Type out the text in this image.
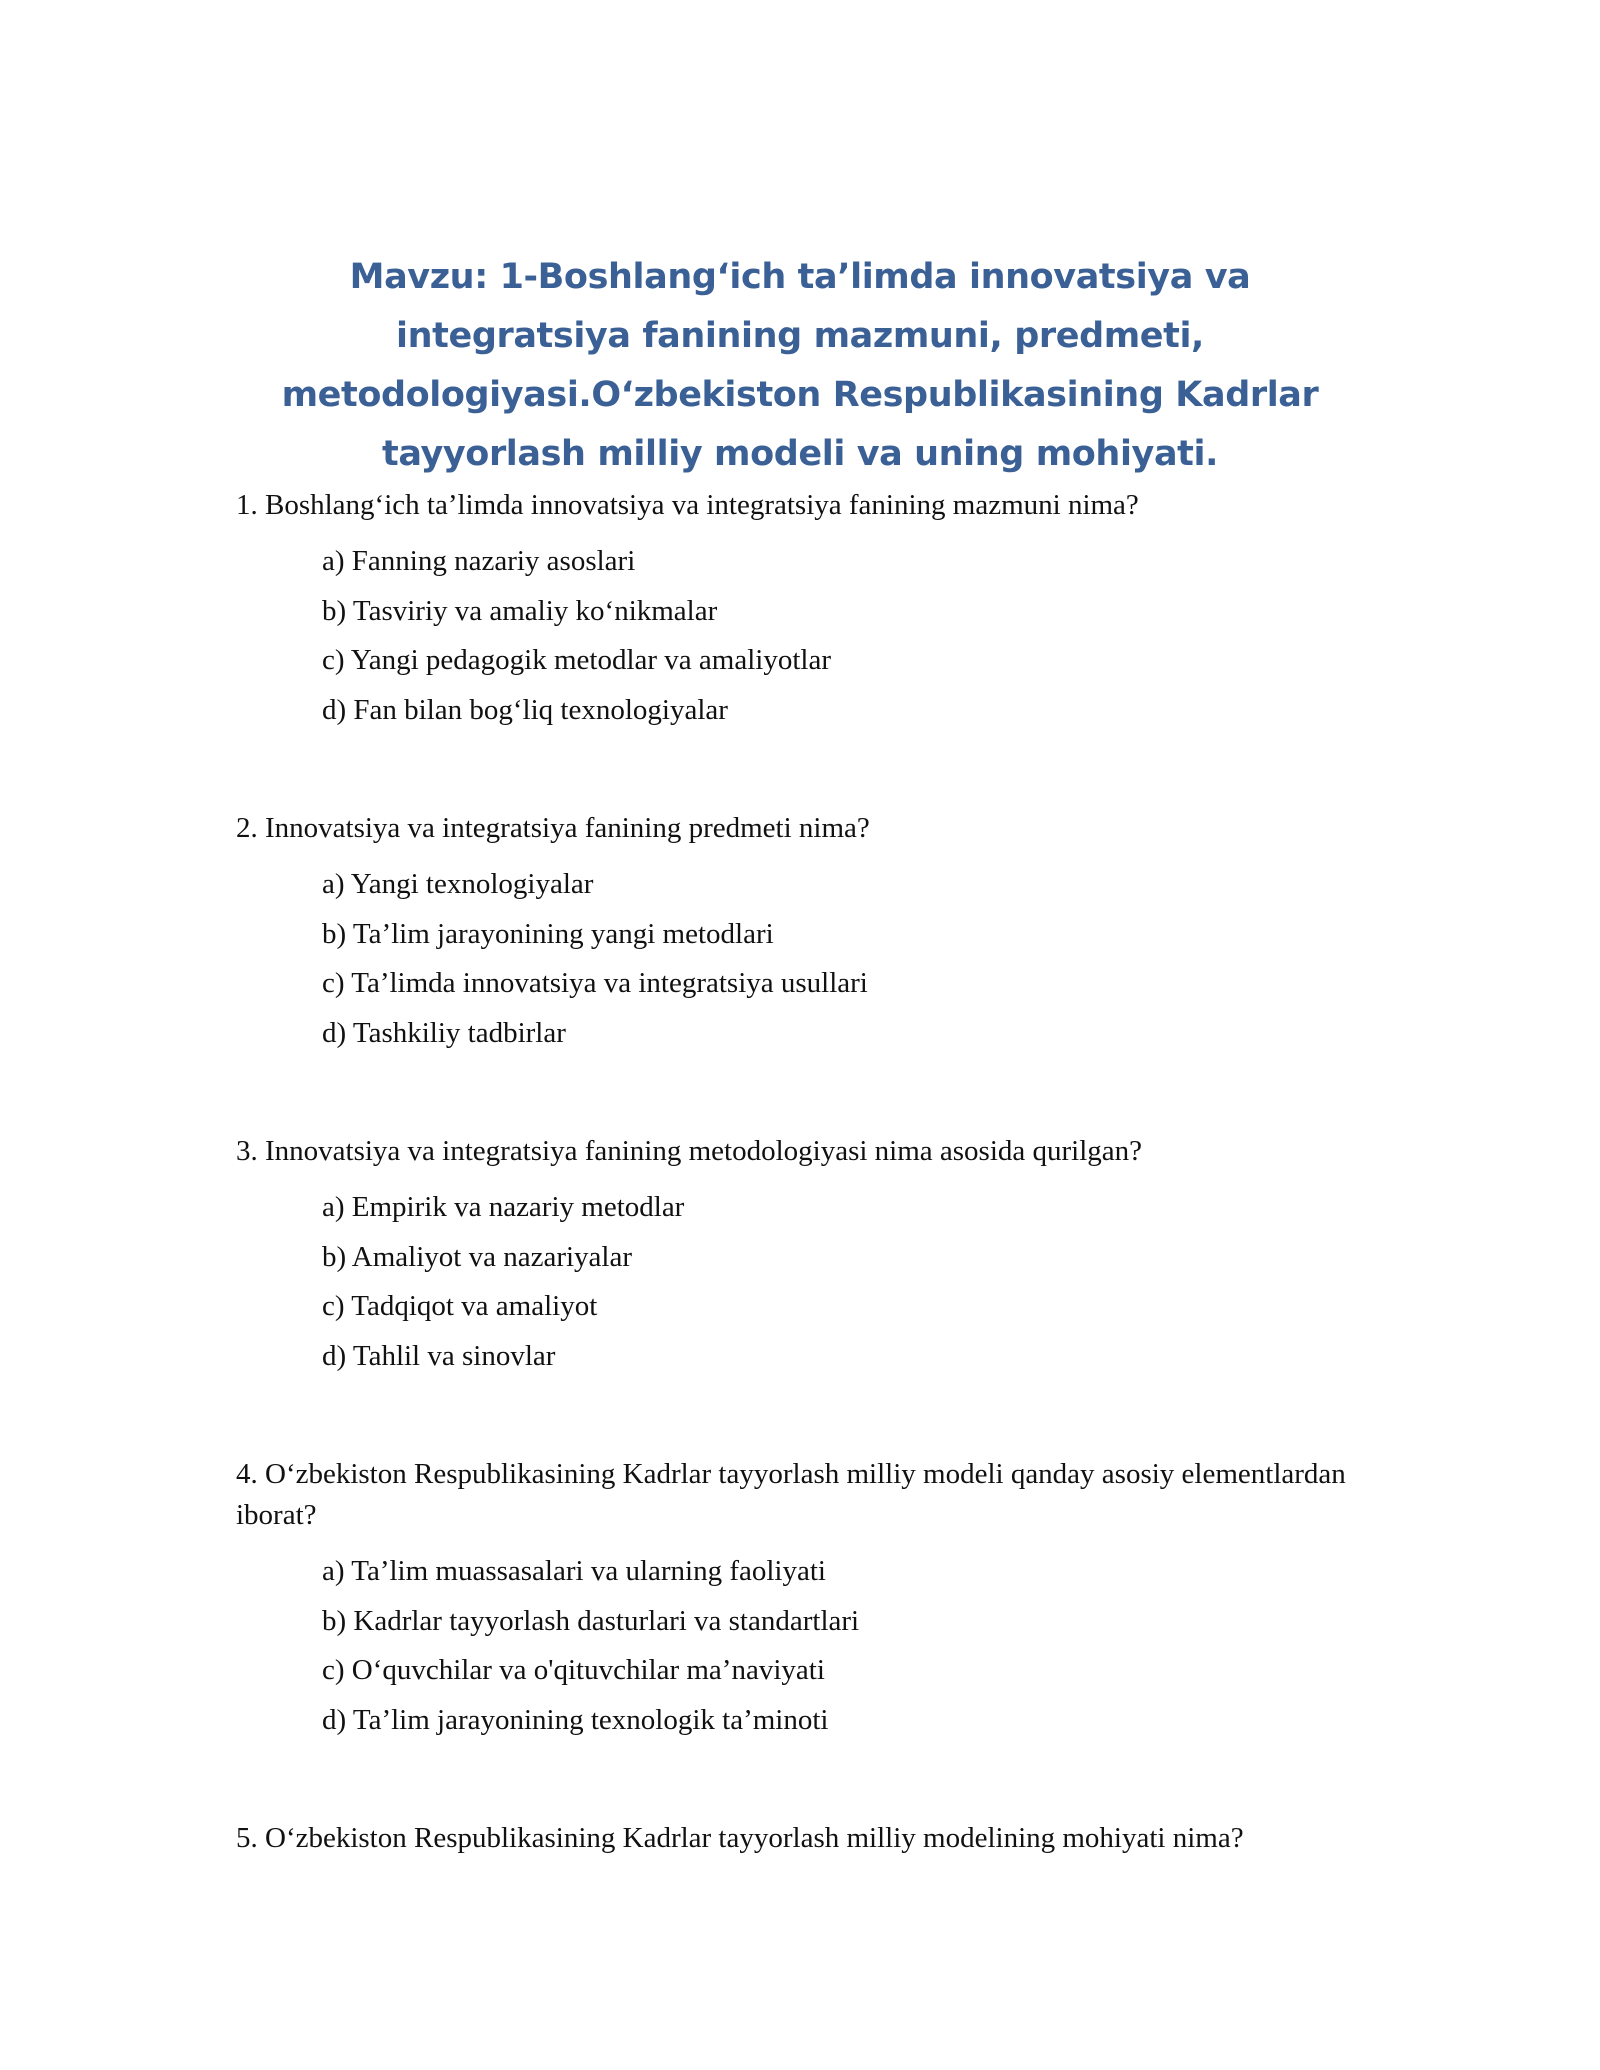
Mavzu: 1-Boshlang‘ich ta’limda innovatsiya va integratsiya fanining mazmuni, predmeti, metodologiyasi.O‘zbekiston Respublikasining Kadrlar tayyorlash milliy modeli va uning mohiyati.

1. Boshlang‘ich ta’limda innovatsiya va integratsiya fanining mazmuni nima?

a) Fanning nazariy asoslari
b) Tasviriy va amaliy ko‘nikmalar
c) Yangi pedagogik metodlar va amaliyotlar
d) Fan bilan bog‘liq texnologiyalar

2. Innovatsiya va integratsiya fanining predmeti nima?

a) Yangi texnologiyalar
b) Ta’lim jarayonining yangi metodlari
c) Ta’limda innovatsiya va integratsiya usullari
d) Tashkiliy tadbirlar

3. Innovatsiya va integratsiya fanining metodologiyasi nima asosida qurilgan?

a) Empirik va nazariy metodlar
b) Amaliyot va nazariyalar
c) Tadqiqot va amaliyot
d) Tahlil va sinovlar

4. O‘zbekiston Respublikasining Kadrlar tayyorlash milliy modeli qanday asosiy elementlardan iborat?

a) Ta’lim muassasalari va ularning faoliyati
b) Kadrlar tayyorlash dasturlari va standartlari
c) O‘quvchilar va o'qituvchilar ma’naviyati
d) Ta’lim jarayonining texnologik ta’minoti

5. O‘zbekiston Respublikasining Kadrlar tayyorlash milliy modelining mohiyati nima?
